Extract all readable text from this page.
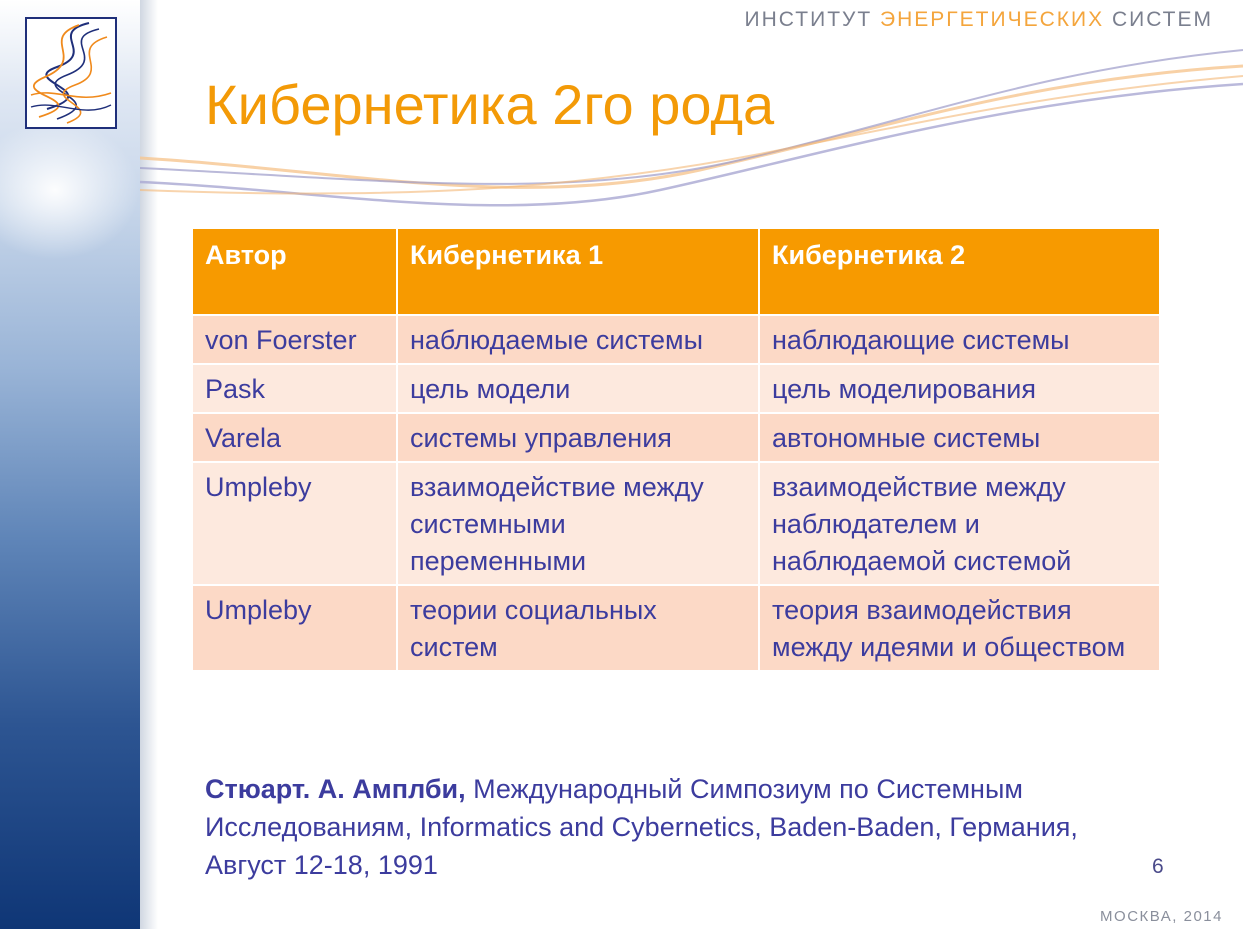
ИНСТИТУТ ЭНЕРГЕТИЧЕСКИХ СИСТЕМ
Кибернетика 2го рода
Автор	Кибернетика 1	Кибернетика 2
von Foerster	наблюдаемые системы	наблюдающие системы
Pask	цель модели	цель моделирования
Varela	системы управления	автономные системы
Umpleby	взаимодействие между системными переменными	взаимодействие между наблюдателем и наблюдаемой системой
Umpleby	теории социальных систем	теория взаимодействия между идеями и обществом

Стюарт. А. Амплби, Международный Симпозиум по Системным Исследованиям, Informatics and Cybernetics, Baden-Baden, Германия, Август 12-18, 1991	6
МОСКВА, 2014
